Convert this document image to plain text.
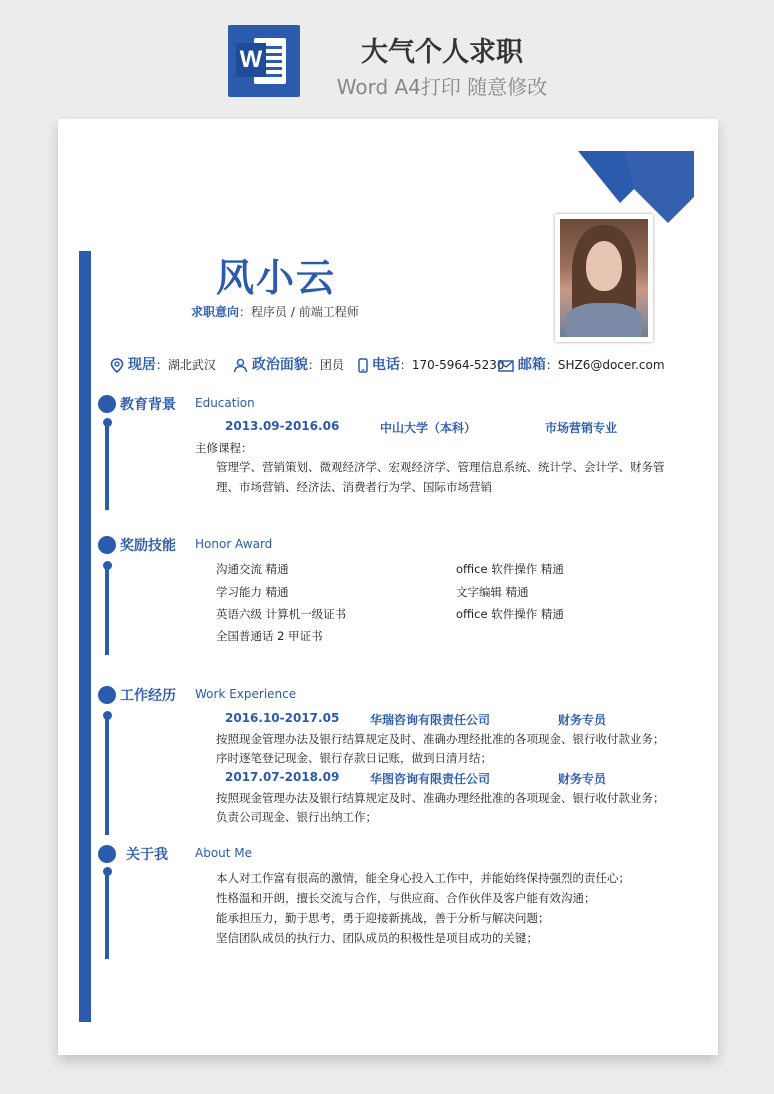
W	大气个人求职
Word A4打印 随意修改
风小云
求职意向：程序员 / 前端工程师
现居：湖北武汉	政治面貌：团员	电话：170-5964-5230 邮箱：SHZ6@docer.com
教育背景 Education
2013.09-2016.06	中山大学（本科）	市场营销专业
主修课程：
管理学、营销策划、微观经济学、宏观经济学、管理信息系统、统计学、会计学、财务管
理、市场营销、经济法、消费者行为学、国际市场营销
奖励技能 Honor Award
沟通交流 精通	office 软件操作 精通
学习能力 精通	文字编辑 精通
英语六级 计算机一级证书	office 软件操作 精通
全国普通话 2 甲证书
工作经历 Work Experience
2016.10-2017.05	华瑞咨询有限责任公司	财务专员
按照现金管理办法及银行结算规定及时、准确办理经批准的各项现金、银行收付款业务；
序时逐笔登记现金、银行存款日记账，做到日清月结；
2017.07-2018.09	华图咨询有限责任公司	财务专员
按照现金管理办法及银行结算规定及时、准确办理经批准的各项现金、银行收付款业务；
负责公司现金、银行出纳工作；
关于我 About Me
本人对工作富有很高的激情，能全身心投入工作中，并能始终保持强烈的责任心；
性格温和开朗，擅长交流与合作，与供应商、合作伙伴及客户能有效沟通；
能承担压力，勤于思考，勇于迎接新挑战，善于分析与解决问题；
坚信团队成员的执行力、团队成员的积极性是项目成功的关键；
